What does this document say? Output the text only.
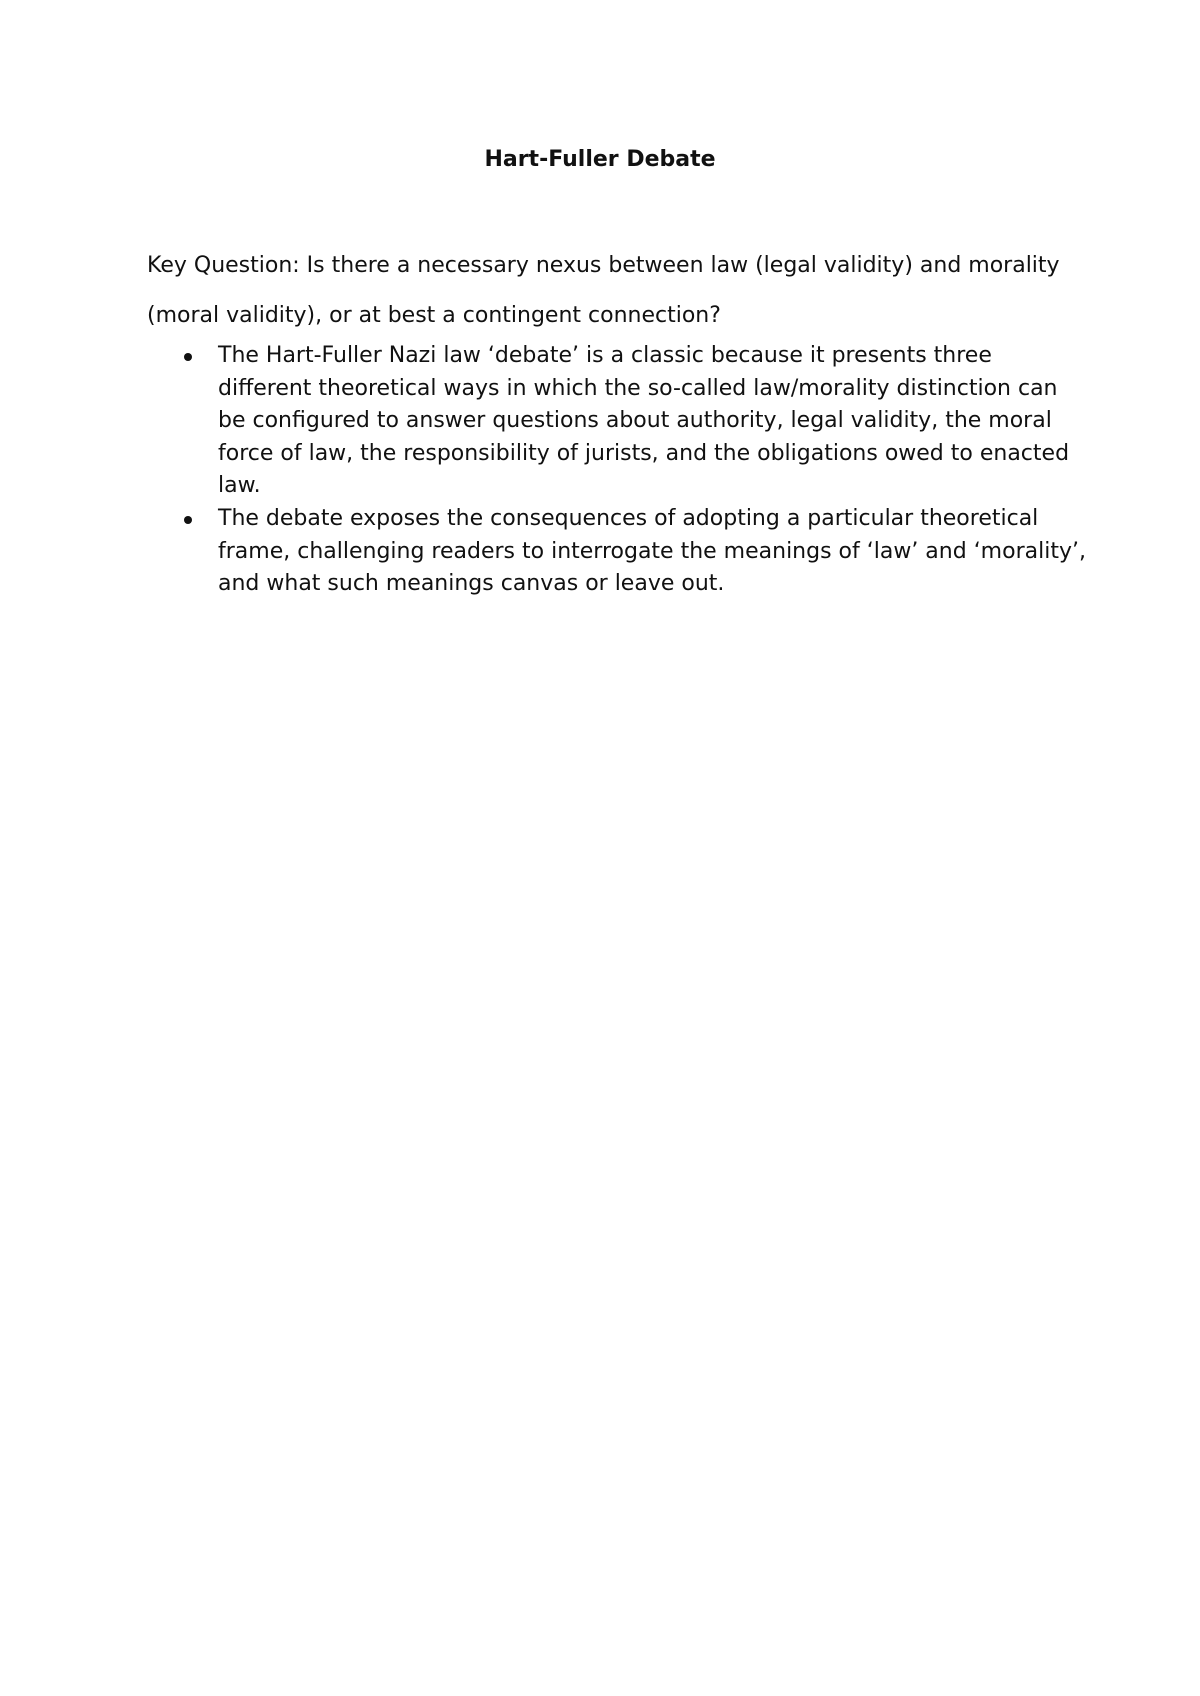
Hart-Fuller Debate

Key Question: Is there a necessary nexus between law (legal validity) and morality (moral validity), or at best a contingent connection?

The Hart-Fuller Nazi law ‘debate’ is a classic because it presents three different theoretical ways in which the so-called law/morality distinction can be configured to answer questions about authority, legal validity, the moral force of law, the responsibility of jurists, and the obligations owed to enacted law.
The debate exposes the consequences of adopting a particular theoretical frame, challenging readers to interrogate the meanings of ‘law’ and ‘morality’, and what such meanings canvas or leave out.
